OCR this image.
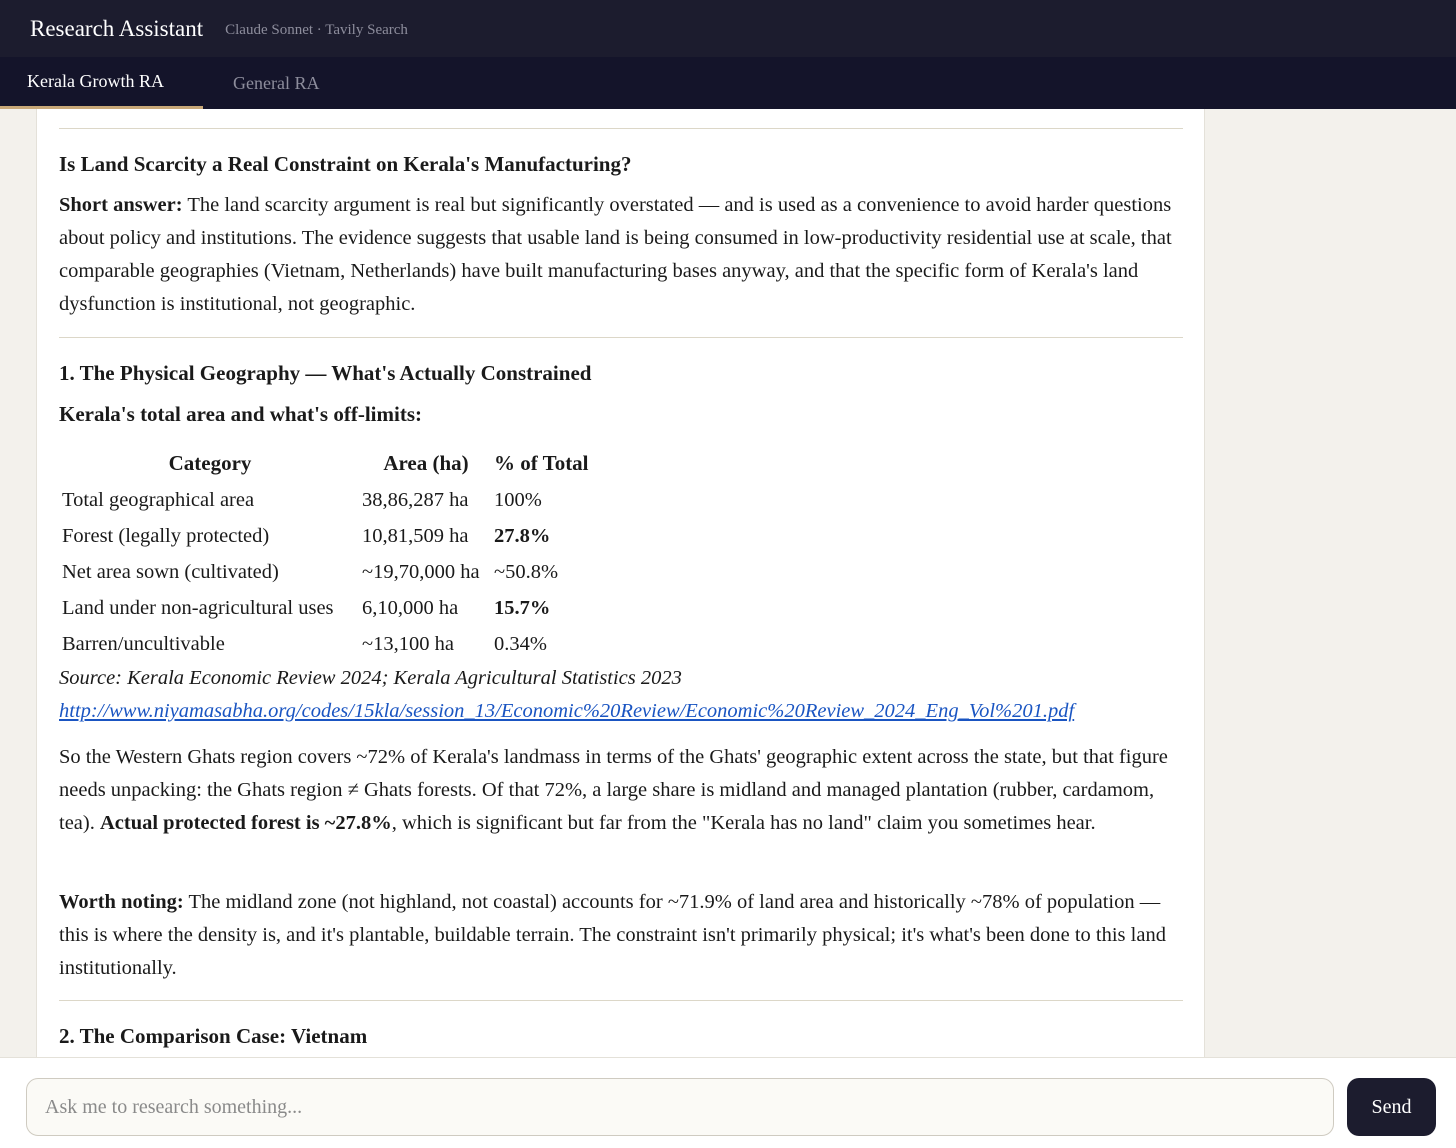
Research Assistant Claude Sonnet · Tavily Search
Kerala Growth RA	General RA
Is Land Scarcity a Real Constraint on Kerala's Manufacturing?

Short answer: The land scarcity argument is real but significantly overstated — and is used as a convenience to avoid harder questions about policy and institutions. The evidence suggests that usable land is being consumed in low-productivity residential use at scale, that comparable geographies (Vietnam, Netherlands) have built manufacturing bases anyway, and that the specific form of Kerala's land dysfunction is institutional, not geographic.

1. The Physical Geography — What's Actually Constrained
Kerala's total area and what's off-limits:
Category	Area (ha)	% of Total
Total geographical area	38,86,287 ha	100%
Forest (legally protected)	10,81,509 ha	27.8%
Net area sown (cultivated)	~19,70,000 ha	~50.8%
Land under non-agricultural uses	6,10,000 ha	15.7%
Barren/uncultivable	~13,100 ha	0.34%

Source: Kerala Economic Review 2024; Kerala Agricultural Statistics 2023

http://www.niyamasabha.org/codes/15kla/session_13/Economic%20Review/Economic%20Review_2024_Eng_Vol%201.pdf

So the Western Ghats region covers ~72% of Kerala's landmass in terms of the Ghats' geographic extent across the state, but that figure needs unpacking: the Ghats region ≠ Ghats forests. Of that 72%, a large share is midland and managed plantation (rubber, cardamom, tea). Actual protected forest is ~27.8%, which is significant but far from the "Kerala has no land" claim you sometimes hear.

Worth noting: The midland zone (not highland, not coastal) accounts for ~71.9% of land area and historically ~78% of population — this is where the density is, and it's plantable, buildable terrain. The constraint isn't primarily physical; it's what's been done to this land institutionally.

2. The Comparison Case: Vietnam
Ask me to research something...
Send
